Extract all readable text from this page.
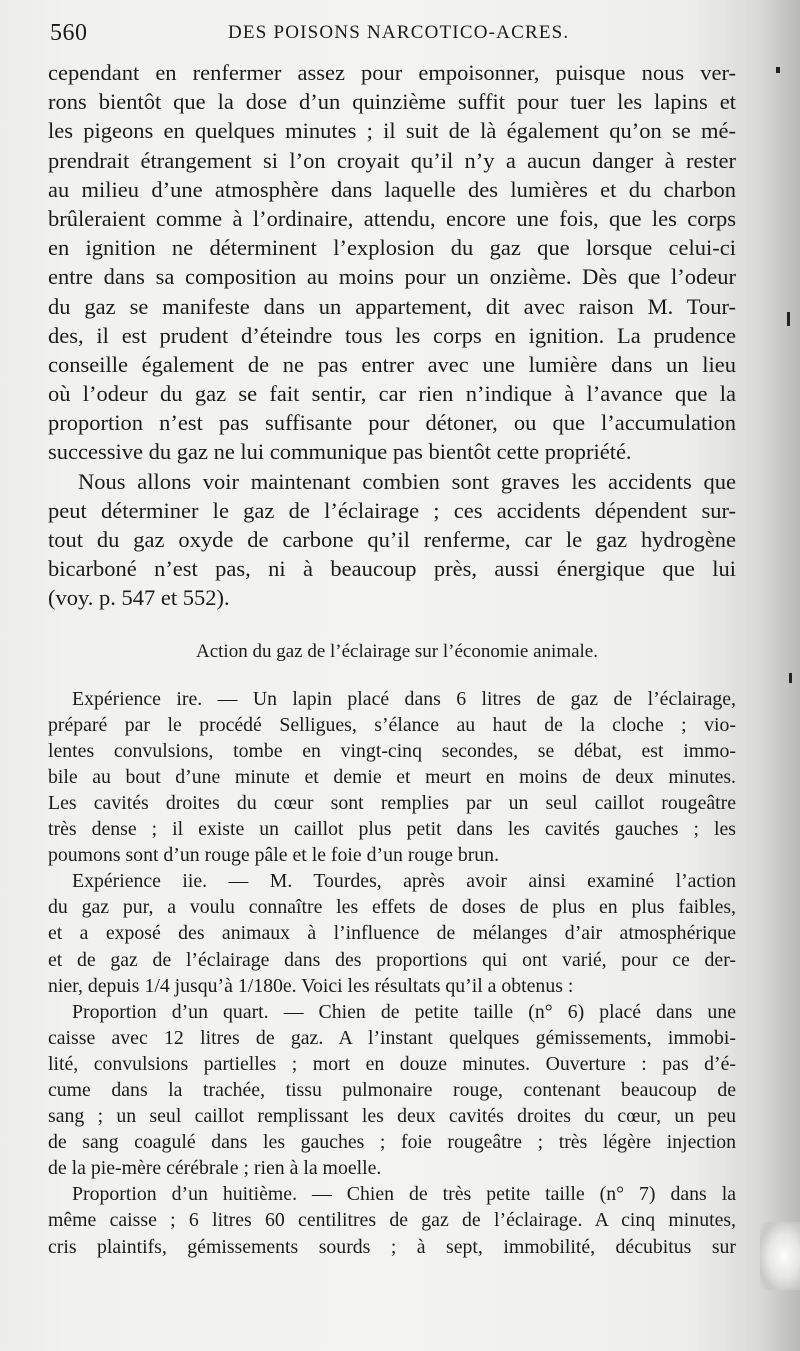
560	DES POISONS NARCOTICO-ACRES.
cependant en renfermer assez pour empoisonner, puisque nous ver-
rons bientôt que la dose d’un quinzième suffit pour tuer les lapins et
les pigeons en quelques minutes ; il suit de là également qu’on se mé-
prendrait étrangement si l’on croyait qu’il n’y a aucun danger à rester
au milieu d’une atmosphère dans laquelle des lumières et du charbon
brûleraient comme à l’ordinaire, attendu, encore une fois, que les corps
en ignition ne déterminent l’explosion du gaz que lorsque celui-ci
entre dans sa composition au moins pour un onzième. Dès que l’odeur
du gaz se manifeste dans un appartement, dit avec raison M. Tour-
des, il est prudent d’éteindre tous les corps en ignition. La prudence
conseille également de ne pas entrer avec une lumière dans un lieu
où l’odeur du gaz se fait sentir, car rien n’indique à l’avance que la
proportion n’est pas suffisante pour détoner, ou que l’accumulation
successive du gaz ne lui communique pas bientôt cette propriété.
Nous allons voir maintenant combien sont graves les accidents que
peut déterminer le gaz de l’éclairage ; ces accidents dépendent sur-
tout du gaz oxyde de carbone qu’il renferme, car le gaz hydrogène
bicarboné n’est pas, ni à beaucoup près, aussi énergique que lui
(voy. p. 547 et 552).
Action du gaz de l’éclairage sur l’économie animale.
Expérience ire. — Un lapin placé dans 6 litres de gaz de l’éclairage,
préparé par le procédé Selligues, s’élance au haut de la cloche ; vio-
lentes convulsions, tombe en vingt-cinq secondes, se débat, est immo-
bile au bout d’une minute et demie et meurt en moins de deux minutes.
Les cavités droites du cœur sont remplies par un seul caillot rougeâtre
très dense ; il existe un caillot plus petit dans les cavités gauches ; les
poumons sont d’un rouge pâle et le foie d’un rouge brun.
Expérience iie. — M. Tourdes, après avoir ainsi examiné l’action
du gaz pur, a voulu connaître les effets de doses de plus en plus faibles,
et a exposé des animaux à l’influence de mélanges d’air atmosphérique
et de gaz de l’éclairage dans des proportions qui ont varié, pour ce der-
nier, depuis 1/4 jusqu’à 1/180e. Voici les résultats qu’il a obtenus :
Proportion d’un quart. — Chien de petite taille (n° 6) placé dans une
caisse avec 12 litres de gaz. A l’instant quelques gémissements, immobi-
lité, convulsions partielles ; mort en douze minutes. Ouverture : pas d’é-
cume dans la trachée, tissu pulmonaire rouge, contenant beaucoup de
sang ; un seul caillot remplissant les deux cavités droites du cœur, un peu
de sang coagulé dans les gauches ; foie rougeâtre ; très légère injection
de la pie-mère cérébrale ; rien à la moelle.
Proportion d’un huitième. — Chien de très petite taille (n° 7) dans la
même caisse ; 6 litres 60 centilitres de gaz de l’éclairage. A cinq minutes,
cris plaintifs, gémissements sourds ; à sept, immobilité, décubitus sur
